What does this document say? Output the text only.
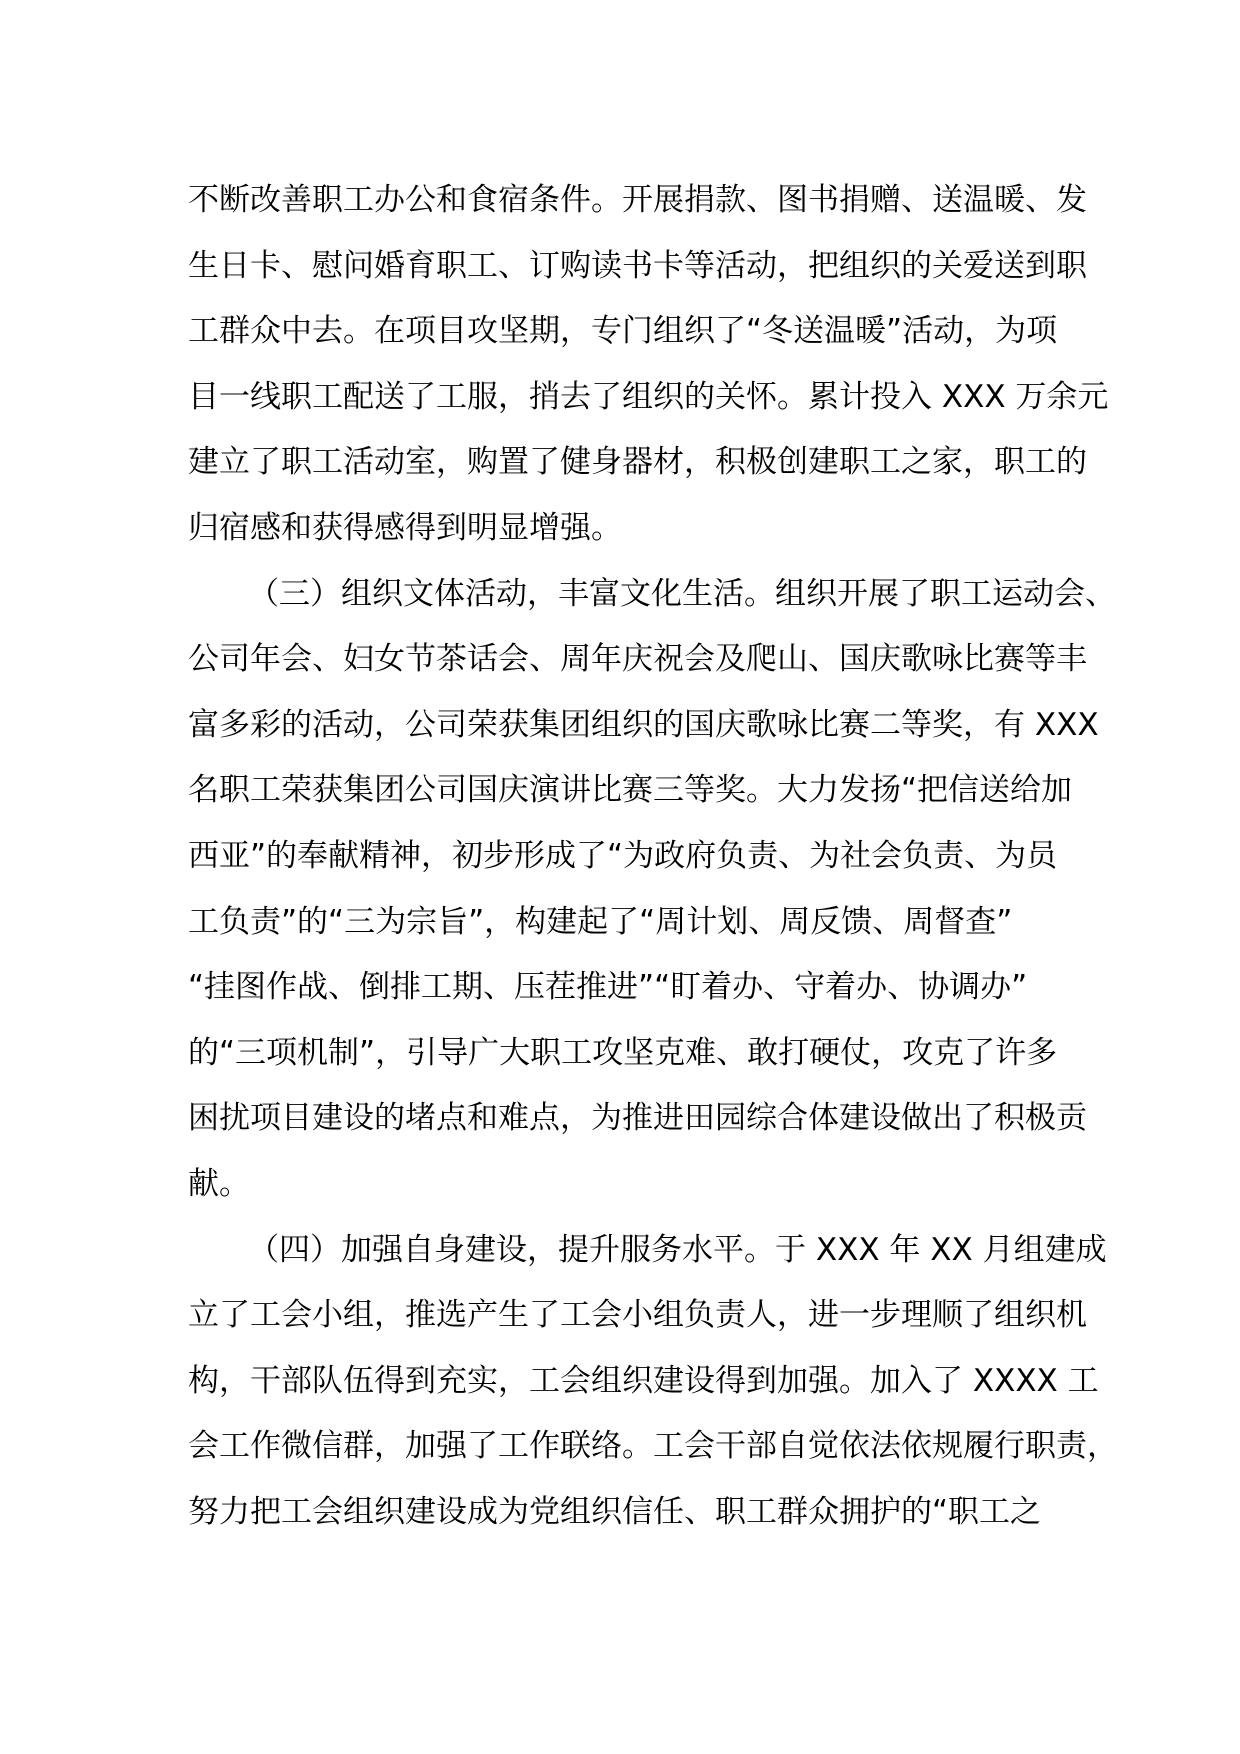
不断改善职工办公和食宿条件。开展捐款、图书捐赠、送温暖、发
生日卡、慰问婚育职工、订购读书卡等活动，把组织的关爱送到职
工群众中去。在项目攻坚期，专门组织了“冬送温暖”活动，为项
目一线职工配送了工服，捎去了组织的关怀。累计投入 XXX 万余元
建立了职工活动室，购置了健身器材，积极创建职工之家，职工的
归宿感和获得感得到明显增强。
（三）组织文体活动，丰富文化生活。组织开展了职工运动会、
公司年会、妇女节茶话会、周年庆祝会及爬山、国庆歌咏比赛等丰
富多彩的活动，公司荣获集团组织的国庆歌咏比赛二等奖，有 XXX
名职工荣获集团公司国庆演讲比赛三等奖。大力发扬“把信送给加
西亚”的奉献精神，初步形成了“为政府负责、为社会负责、为员
工负责”的“三为宗旨”，构建起了“周计划、周反馈、周督查”
“挂图作战、倒排工期、压茬推进”“盯着办、守着办、协调办”
的“三项机制”，引导广大职工攻坚克难、敢打硬仗，攻克了许多
困扰项目建设的堵点和难点，为推进田园综合体建设做出了积极贡
献。
（四）加强自身建设，提升服务水平。于 XXX 年 XX 月组建成
立了工会小组，推选产生了工会小组负责人，进一步理顺了组织机
构，干部队伍得到充实，工会组织建设得到加强。加入了 XXXX 工
会工作微信群，加强了工作联络。工会干部自觉依法依规履行职责，
努力把工会组织建设成为党组织信任、职工群众拥护的“职工之
